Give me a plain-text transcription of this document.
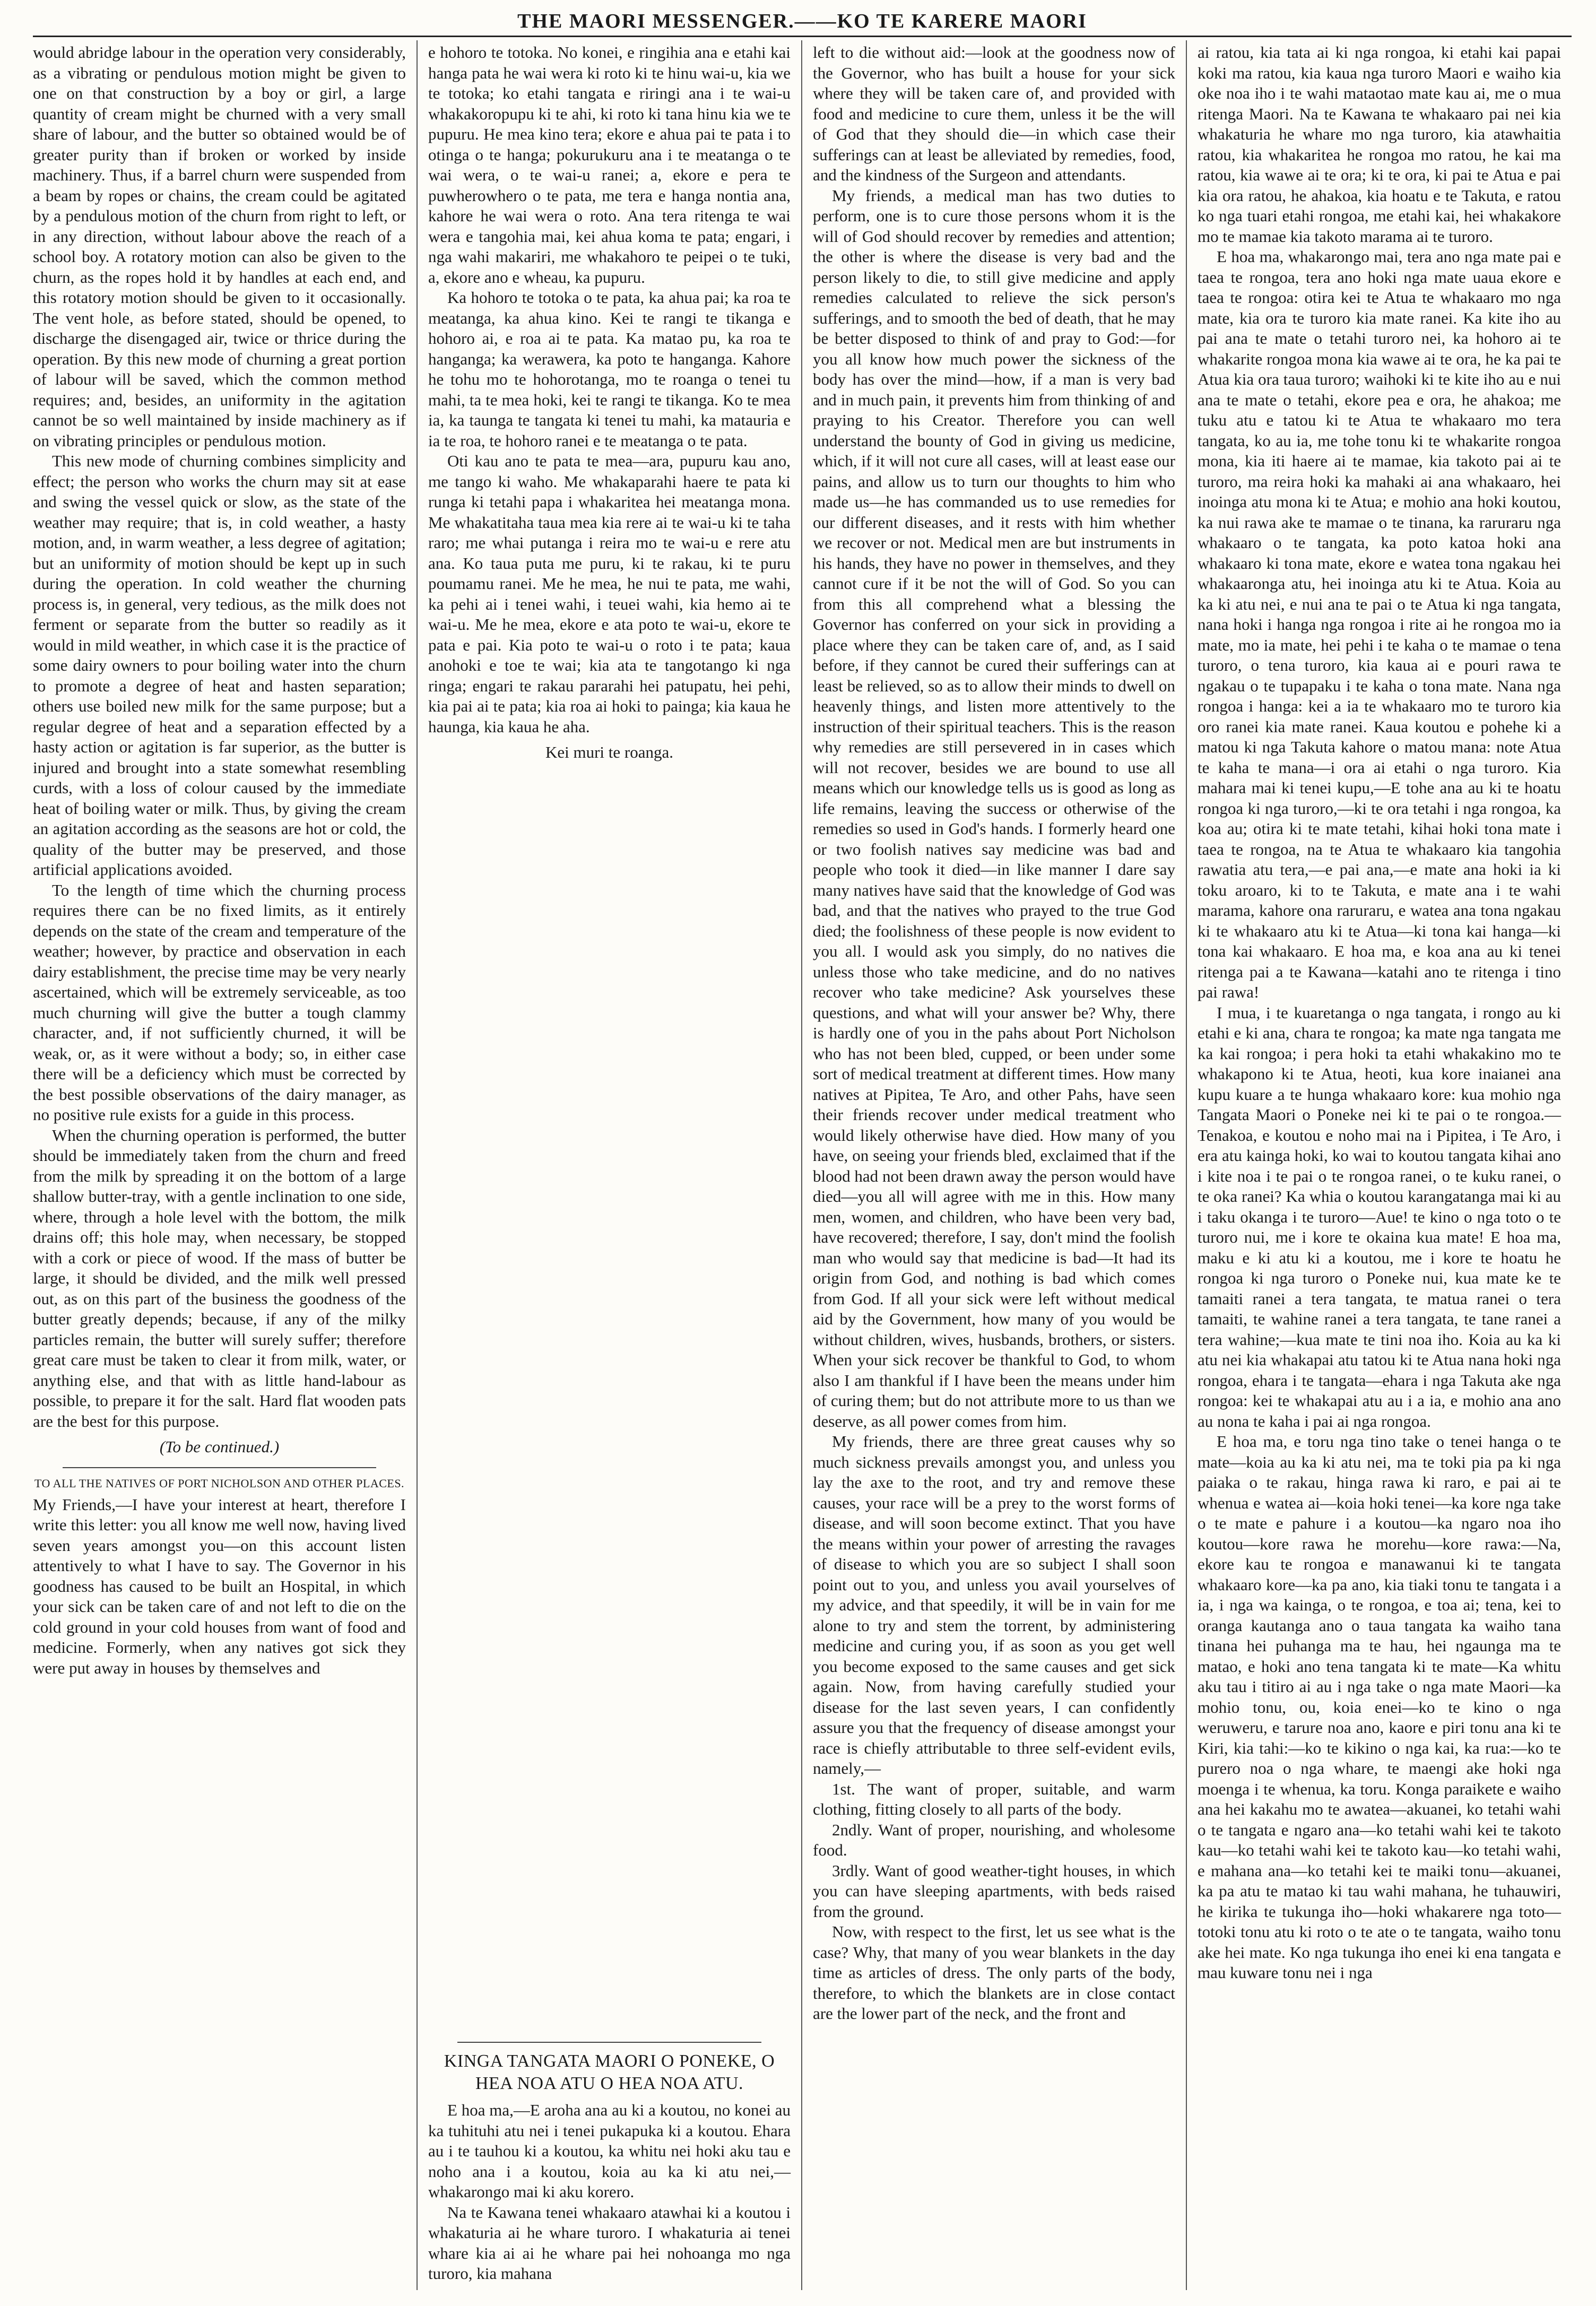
THE MAORI MESSENGER.——KO TE KARERE MAORI

would abridge labour in the operation very considerably, as a vibrating or pendulous motion might be given to one on that construction by a boy or girl, a large quantity of cream might be churned with a very small share of labour, and the butter so obtained would be of greater purity than if broken or worked by inside machinery. Thus, if a barrel churn were suspended from a beam by ropes or chains, the cream could be agitated by a pendulous motion of the churn from right to left, or in any direction, without labour above the reach of a school boy. A rotatory motion can also be given to the churn, as the ropes hold it by handles at each end, and this rotatory motion should be given to it occasionally. The vent hole, as before stated, should be opened, to discharge the disengaged air, twice or thrice during the operation. By this new mode of churning a great portion of labour will be saved, which the common method requires; and, besides, an uniformity in the agitation cannot be so well maintained by inside machinery as if on vibrating principles or pendulous motion.

This new mode of churning combines simplicity and effect; the person who works the churn may sit at ease and swing the vessel quick or slow, as the state of the weather may require; that is, in cold weather, a hasty motion, and, in warm weather, a less degree of agitation; but an uniformity of motion should be kept up in such during the operation. In cold weather the churning process is, in general, very tedious, as the milk does not ferment or separate from the butter so readily as it would in mild weather, in which case it is the practice of some dairy owners to pour boiling water into the churn to promote a degree of heat and hasten separation; others use boiled new milk for the same purpose; but a regular degree of heat and a separation effected by a hasty action or agitation is far superior, as the butter is injured and brought into a state somewhat resembling curds, with a loss of colour caused by the immediate heat of boiling water or milk. Thus, by giving the cream an agitation according as the seasons are hot or cold, the quality of the butter may be preserved, and those artificial applications avoided.

To the length of time which the churning process requires there can be no fixed limits, as it entirely depends on the state of the cream and temperature of the weather; however, by practice and observation in each dairy establishment, the precise time may be very nearly ascertained, which will be extremely serviceable, as too much churning will give the butter a tough clammy character, and, if not sufficiently churned, it will be weak, or, as it were without a body; so, in either case there will be a deficiency which must be corrected by the best possible observations of the dairy manager, as no positive rule exists for a guide in this process.

When the churning operation is performed, the butter should be immediately taken from the churn and freed from the milk by spreading it on the bottom of a large shallow butter-tray, with a gentle inclination to one side, where, through a hole level with the bottom, the milk drains off; this hole may, when necessary, be stopped with a cork or piece of wood. If the mass of butter be large, it should be divided, and the milk well pressed out, as on this part of the business the goodness of the butter greatly depends; because, if any of the milky particles remain, the butter will surely suffer; therefore great care must be taken to clear it from milk, water, or anything else, and that with as little hand-labour as possible, to prepare it for the salt. Hard flat wooden pats are the best for this purpose.

(To be continued.)
TO ALL THE NATIVES OF PORT NICHOLSON AND OTHER PLACES.

My Friends,—I have your interest at heart, therefore I write this letter: you all know me well now, having lived seven years amongst you—on this account listen attentively to what I have to say. The Governor in his goodness has caused to be built an Hospital, in which your sick can be taken care of and not left to die on the cold ground in your cold houses from want of food and medicine. Formerly, when any natives got sick they were put away in houses by themselves and

e hohoro te totoka. No konei, e ringihia ana e etahi kai hanga pata he wai wera ki roto ki te hinu wai-u, kia we te totoka; ko etahi tangata e riringi ana i te wai-u whakakoropupu ki te ahi, ki roto ki tana hinu kia we te pupuru. He mea kino tera; ekore e ahua pai te pata i to otinga o te hanga; pokurukuru ana i te meatanga o te wai wera, o te wai-u ranei; a, ekore e pera te puwherowhero o te pata, me tera e hanga nontia ana, kahore he wai wera o roto. Ana tera ritenga te wai wera e tangohia mai, kei ahua koma te pata; engari, i nga wahi makariri, me whakahoro te peipei o te tuki, a, ekore ano e wheau, ka pupuru.

Ka hohoro te totoka o te pata, ka ahua pai; ka roa te meatanga, ka ahua kino. Kei te rangi te tikanga e hohoro ai, e roa ai te pata. Ka matao pu, ka roa te hanganga; ka werawera, ka poto te hanganga. Kahore he tohu mo te hohorotanga, mo te roanga o tenei tu mahi, ta te mea hoki, kei te rangi te tikanga. Ko te mea ia, ka taunga te tangata ki tenei tu mahi, ka matauria e ia te roa, te hohoro ranei e te meatanga o te pata.

Oti kau ano te pata te mea—ara, pupuru kau ano, me tango ki waho. Me whakaparahi haere te pata ki runga ki tetahi papa i whakaritea hei meatanga mona. Me whakatitaha taua mea kia rere ai te wai-u ki te taha raro; me whai putanga i reira mo te wai-u e rere atu ana. Ko taua puta me puru, ki te rakau, ki te puru poumamu ranei. Me he mea, he nui te pata, me wahi, ka pehi ai i tenei wahi, i teuei wahi, kia hemo ai te wai-u. Me he mea, ekore e ata poto te wai-u, ekore te pata e pai. Kia poto te wai-u o roto i te pata; kaua anohoki e toe te wai; kia ata te tangotango ki nga ringa; engari te rakau pararahi hei patupatu, hei pehi, kia pai ai te pata; kia roa ai hoki to painga; kia kaua he haunga, kia kaua he aha.

Kei muri te roanga.
KINGA TANGATA MAORI O PONEKE, O HEA NOA ATU O HEA NOA ATU.

E hoa ma,—E aroha ana au ki a koutou, no konei au ka tuhituhi atu nei i tenei pukapuka ki a koutou. Ehara au i te tauhou ki a koutou, ka whitu nei hoki aku tau e noho ana i a koutou, koia au ka ki atu nei,—whakarongo mai ki aku korero.

Na te Kawana tenei whakaaro atawhai ki a koutou i whakaturia ai he whare turoro. I whakaturia ai tenei whare kia ai ai he whare pai hei nohoanga mo nga turoro, kia mahana

left to die without aid:—look at the goodness now of the Governor, who has built a house for your sick where they will be taken care of, and provided with food and medicine to cure them, unless it be the will of God that they should die—in which case their sufferings can at least be alleviated by remedies, food, and the kindness of the Surgeon and attendants.

My friends, a medical man has two duties to perform, one is to cure those persons whom it is the will of God should recover by remedies and attention; the other is where the disease is very bad and the person likely to die, to still give medicine and apply remedies calculated to relieve the sick person's sufferings, and to smooth the bed of death, that he may be better disposed to think of and pray to God:—for you all know how much power the sickness of the body has over the mind—how, if a man is very bad and in much pain, it prevents him from thinking of and praying to his Creator. Therefore you can well understand the bounty of God in giving us medicine, which, if it will not cure all cases, will at least ease our pains, and allow us to turn our thoughts to him who made us—he has commanded us to use remedies for our different diseases, and it rests with him whether we recover or not. Medical men are but instruments in his hands, they have no power in themselves, and they cannot cure if it be not the will of God. So you can from this all comprehend what a blessing the Governor has conferred on your sick in providing a place where they can be taken care of, and, as I said before, if they cannot be cured their sufferings can at least be relieved, so as to allow their minds to dwell on heavenly things, and listen more attentively to the instruction of their spiritual teachers. This is the reason why remedies are still persevered in in cases which will not recover, besides we are bound to use all means which our knowledge tells us is good as long as life remains, leaving the success or otherwise of the remedies so used in God's hands. I formerly heard one or two foolish natives say medicine was bad and people who took it died—in like manner I dare say many natives have said that the knowledge of God was bad, and that the natives who prayed to the true God died; the foolishness of these people is now evident to you all. I would ask you simply, do no natives die unless those who take medicine, and do no natives recover who take medicine? Ask yourselves these questions, and what will your answer be? Why, there is hardly one of you in the pahs about Port Nicholson who has not been bled, cupped, or been under some sort of medical treatment at different times. How many natives at Pipitea, Te Aro, and other Pahs, have seen their friends recover under medical treatment who would likely otherwise have died. How many of you have, on seeing your friends bled, exclaimed that if the blood had not been drawn away the person would have died—you all will agree with me in this. How many men, women, and children, who have been very bad, have recovered; therefore, I say, don't mind the foolish man who would say that medicine is bad—It had its origin from God, and nothing is bad which comes from God. If all your sick were left without medical aid by the Government, how many of you would be without children, wives, husbands, brothers, or sisters. When your sick recover be thankful to God, to whom also I am thankful if I have been the means under him of curing them; but do not attribute more to us than we deserve, as all power comes from him.

My friends, there are three great causes why so much sickness prevails amongst you, and unless you lay the axe to the root, and try and remove these causes, your race will be a prey to the worst forms of disease, and will soon become extinct. That you have the means within your power of arresting the ravages of disease to which you are so subject I shall soon point out to you, and unless you avail yourselves of my advice, and that speedily, it will be in vain for me alone to try and stem the torrent, by administering medicine and curing you, if as soon as you get well you become exposed to the same causes and get sick again. Now, from having carefully studied your disease for the last seven years, I can confidently assure you that the frequency of disease amongst your race is chiefly attributable to three self-evident evils, namely,—

1st. The want of proper, suitable, and warm clothing, fitting closely to all parts of the body.

2ndly. Want of proper, nourishing, and wholesome food.

3rdly. Want of good weather-tight houses, in which you can have sleeping apartments, with beds raised from the ground.

Now, with respect to the first, let us see what is the case? Why, that many of you wear blankets in the day time as articles of dress. The only parts of the body, therefore, to which the blankets are in close contact are the lower part of the neck, and the front and

ai ratou, kia tata ai ki nga rongoa, ki etahi kai papai koki ma ratou, kia kaua nga turoro Maori e waiho kia oke noa iho i te wahi mataotao mate kau ai, me o mua ritenga Maori. Na te Kawana te whakaaro pai nei kia whakaturia he whare mo nga turoro, kia atawhaitia ratou, kia whakaritea he rongoa mo ratou, he kai ma ratou, kia wawe ai te ora; ki te ora, ki pai te Atua e pai kia ora ratou, he ahakoa, kia hoatu e te Takuta, e ratou ko nga tuari etahi rongoa, me etahi kai, hei whakakore mo te mamae kia takoto marama ai te turoro.

E hoa ma, whakarongo mai, tera ano nga mate pai e taea te rongoa, tera ano hoki nga mate uaua ekore e taea te rongoa: otira kei te Atua te whakaaro mo nga mate, kia ora te turoro kia mate ranei. Ka kite iho au pai ana te mate o tetahi turoro nei, ka hohoro ai te whakarite rongoa mona kia wawe ai te ora, he ka pai te Atua kia ora taua turoro; waihoki ki te kite iho au e nui ana te mate o tetahi, ekore pea e ora, he ahakoa; me tuku atu e tatou ki te Atua te whakaaro mo tera tangata, ko au ia, me tohe tonu ki te whakarite rongoa mona, kia iti haere ai te mamae, kia takoto pai ai te turoro, ma reira hoki ka mahaki ai ana whakaaro, hei inoinga atu mona ki te Atua; e mohio ana hoki koutou, ka nui rawa ake te mamae o te tinana, ka raruraru nga whakaaro o te tangata, ka poto katoa hoki ana whakaaro ki tona mate, ekore e watea tona ngakau hei whakaaronga atu, hei inoinga atu ki te Atua. Koia au ka ki atu nei, e nui ana te pai o te Atua ki nga tangata, nana hoki i hanga nga rongoa i rite ai he rongoa mo ia mate, mo ia mate, hei pehi i te kaha o te mamae o tena turoro, o tena turoro, kia kaua ai e pouri rawa te ngakau o te tupapaku i te kaha o tona mate. Nana nga rongoa i hanga: kei a ia te whakaaro mo te turoro kia oro ranei kia mate ranei. Kaua koutou e pohehe ki a matou ki nga Takuta kahore o matou mana: note Atua te kaha te mana—i ora ai etahi o nga turoro. Kia mahara mai ki tenei kupu,—E tohe ana au ki te hoatu rongoa ki nga turoro,—ki te ora tetahi i nga rongoa, ka koa au; otira ki te mate tetahi, kihai hoki tona mate i taea te rongoa, na te Atua te whakaaro kia tangohia rawatia atu tera,—e pai ana,—e mate ana hoki ia ki toku aroaro, ki to te Takuta, e mate ana i te wahi marama, kahore ona raruraru, e watea ana tona ngakau ki te whakaaro atu ki te Atua—ki tona kai hanga—ki tona kai whakaaro. E hoa ma, e koa ana au ki tenei ritenga pai a te Kawana—katahi ano te ritenga i tino pai rawa!

I mua, i te kuaretanga o nga tangata, i rongo au ki etahi e ki ana, chara te rongoa; ka mate nga tangata me ka kai rongoa; i pera hoki ta etahi whakakino mo te whakapono ki te Atua, heoti, kua kore inaianei ana kupu kuare a te hunga whakaaro kore: kua mohio nga Tangata Maori o Poneke nei ki te pai o te rongoa.—Tenakoa, e koutou e noho mai na i Pipitea, i Te Aro, i era atu kainga hoki, ko wai to koutou tangata kihai ano i kite noa i te pai o te rongoa ranei, o te kuku ranei, o te oka ranei? Ka whia o koutou karangatanga mai ki au i taku okanga i te turoro—Aue! te kino o nga toto o te turoro nui, me i kore te okaina kua mate! E hoa ma, maku e ki atu ki a koutou, me i kore te hoatu he rongoa ki nga turoro o Poneke nui, kua mate ke te tamaiti ranei a tera tangata, te matua ranei o tera tamaiti, te wahine ranei a tera tangata, te tane ranei a tera wahine;—kua mate te tini noa iho. Koia au ka ki atu nei kia whakapai atu tatou ki te Atua nana hoki nga rongoa, ehara i te tangata—ehara i nga Takuta ake nga rongoa: kei te whakapai atu au i a ia, e mohio ana ano au nona te kaha i pai ai nga rongoa.

E hoa ma, e toru nga tino take o tenei hanga o te mate—koia au ka ki atu nei, ma te toki pia pa ki nga paiaka o te rakau, hinga rawa ki raro, e pai ai te whenua e watea ai—koia hoki tenei—ka kore nga take o te mate e pahure i a koutou—ka ngaro noa iho koutou—kore rawa he morehu—kore rawa:—Na, ekore kau te rongoa e manawanui ki te tangata whakaaro kore—ka pa ano, kia tiaki tonu te tangata i a ia, i nga wa kainga, o te rongoa, e toa ai; tena, kei to oranga kautanga ano o taua tangata ka waiho tana tinana hei puhanga ma te hau, hei ngaunga ma te matao, e hoki ano tena tangata ki te mate—Ka whitu aku tau i titiro ai au i nga take o nga mate Maori—ka mohio tonu, ou, koia enei—ko te kino o nga weruweru, e tarure noa ano, kaore e piri tonu ana ki te Kiri, kia tahi:—ko te kikino o nga kai, ka rua:—ko te purero noa o nga whare, te maengi ake hoki nga moenga i te whenua, ka toru. Konga paraikete e waiho ana hei kakahu mo te awatea—akuanei, ko tetahi wahi o te tangata e ngaro ana—ko tetahi wahi kei te takoto kau—ko tetahi wahi kei te takoto kau—ko tetahi wahi, e mahana ana—ko tetahi kei te maiki tonu—akuanei, ka pa atu te matao ki tau wahi mahana, he tuhauwiri, he kirika te tukunga iho—hoki whakarere nga toto—totoki tonu atu ki roto o te ate o te tangata, waiho tonu ake hei mate. Ko nga tukunga iho enei ki ena tangata e mau kuware tonu nei i nga
